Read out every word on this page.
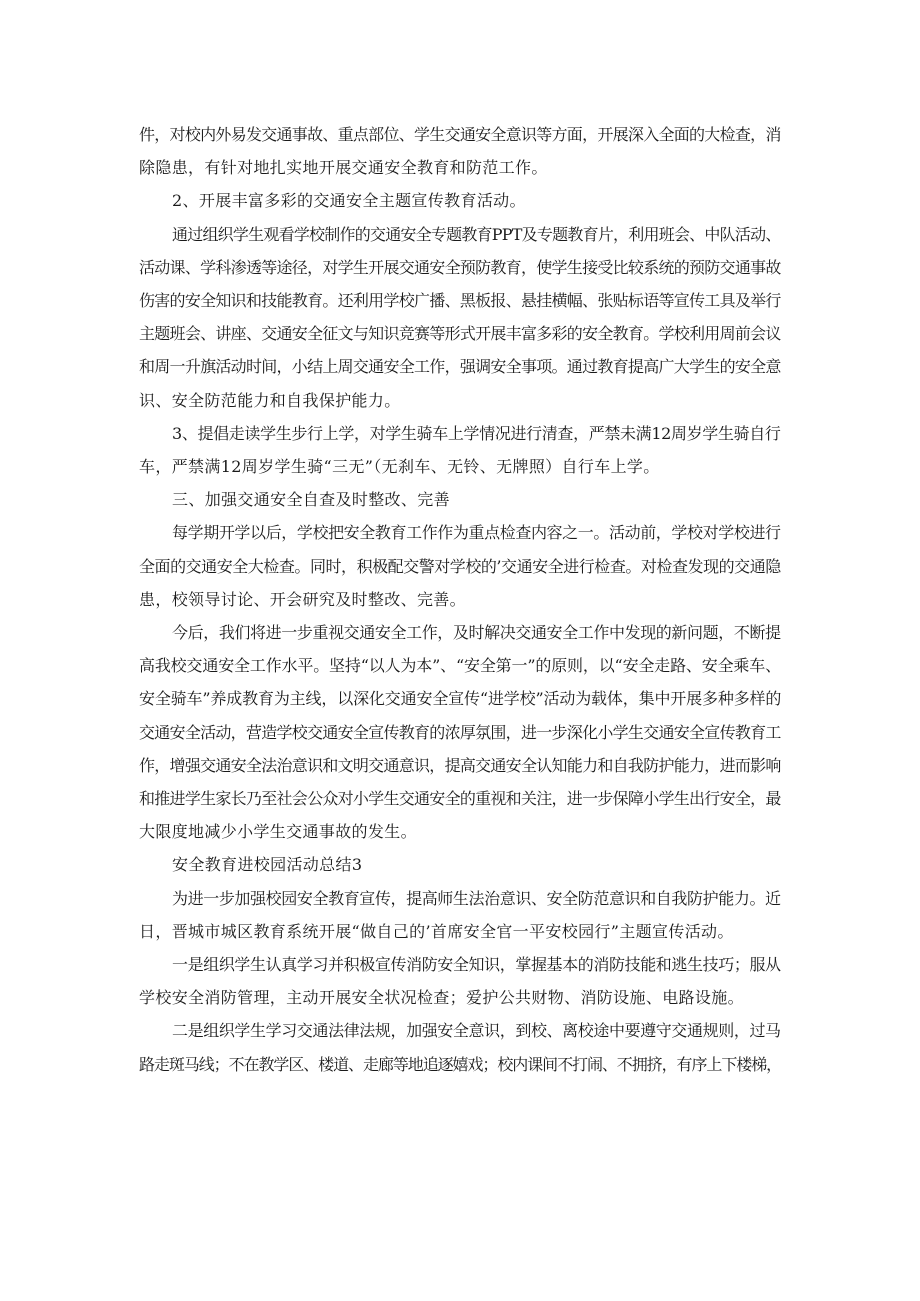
件，对校内外易发交通事故、重点部位、学生交通安全意识等方面，开展深入全面的大检查，消

除隐患，有针对地扎实地开展交通安全教育和防范工作。

2、开展丰富多彩的交通安全主题宣传教育活动。

通过组织学生观看学校制作的交通安全专题教育PPT及专题教育片，利用班会、中队活动、

活动课、学科渗透等途径，对学生开展交通安全预防教育，使学生接受比较系统的预防交通事故

伤害的安全知识和技能教育。还利用学校广播、黑板报、悬挂横幅、张贴标语等宣传工具及举行

主题班会、讲座、交通安全征文与知识竞赛等形式开展丰富多彩的安全教育。学校利用周前会议

和周一升旗活动时间，小结上周交通安全工作，强调安全事项。通过教育提高广大学生的安全意

识、安全防范能力和自我保护能力。

3、提倡走读学生步行上学，对学生骑车上学情况进行清查，严禁未满12周岁学生骑自行

车，严禁满12周岁学生骑“三无”（无刹车、无铃、无牌照）自行车上学。

三、加强交通安全自查及时整改、完善

每学期开学以后，学校把安全教育工作作为重点检查内容之一。活动前，学校对学校进行

全面的交通安全大检查。同时，积极配交警对学校的’交通安全进行检查。对检查发现的交通隐

患，校领导讨论、开会研究及时整改、完善。

今后，我们将进一步重视交通安全工作，及时解决交通安全工作中发现的新问题，不断提

高我校交通安全工作水平。坚持“以人为本”、“安全第一”的原则，以“安全走路、安全乘车、

安全骑车”养成教育为主线，以深化交通安全宣传“进学校”活动为载体，集中开展多种多样的

交通安全活动，营造学校交通安全宣传教育的浓厚氛围，进一步深化小学生交通安全宣传教育工

作，增强交通安全法治意识和文明交通意识，提高交通安全认知能力和自我防护能力，进而影响

和推进学生家长乃至社会公众对小学生交通安全的重视和关注，进一步保障小学生出行安全，最

大限度地减少小学生交通事故的发生。

安全教育进校园活动总结3

为进一步加强校园安全教育宣传，提高师生法治意识、安全防范意识和自我防护能力。近

日，晋城市城区教育系统开展“做自己的’首席安全官一平安校园行”主题宣传活动。

一是组织学生认真学习并积极宣传消防安全知识，掌握基本的消防技能和逃生技巧；服从

学校安全消防管理，主动开展安全状况检查；爱护公共财物、消防设施、电路设施。

二是组织学生学习交通法律法规，加强安全意识，到校、离校途中要遵守交通规则，过马

路走斑马线；不在教学区、楼道、走廊等地追逐嬉戏；校内课间不打闹、不拥挤，有序上下楼梯，
